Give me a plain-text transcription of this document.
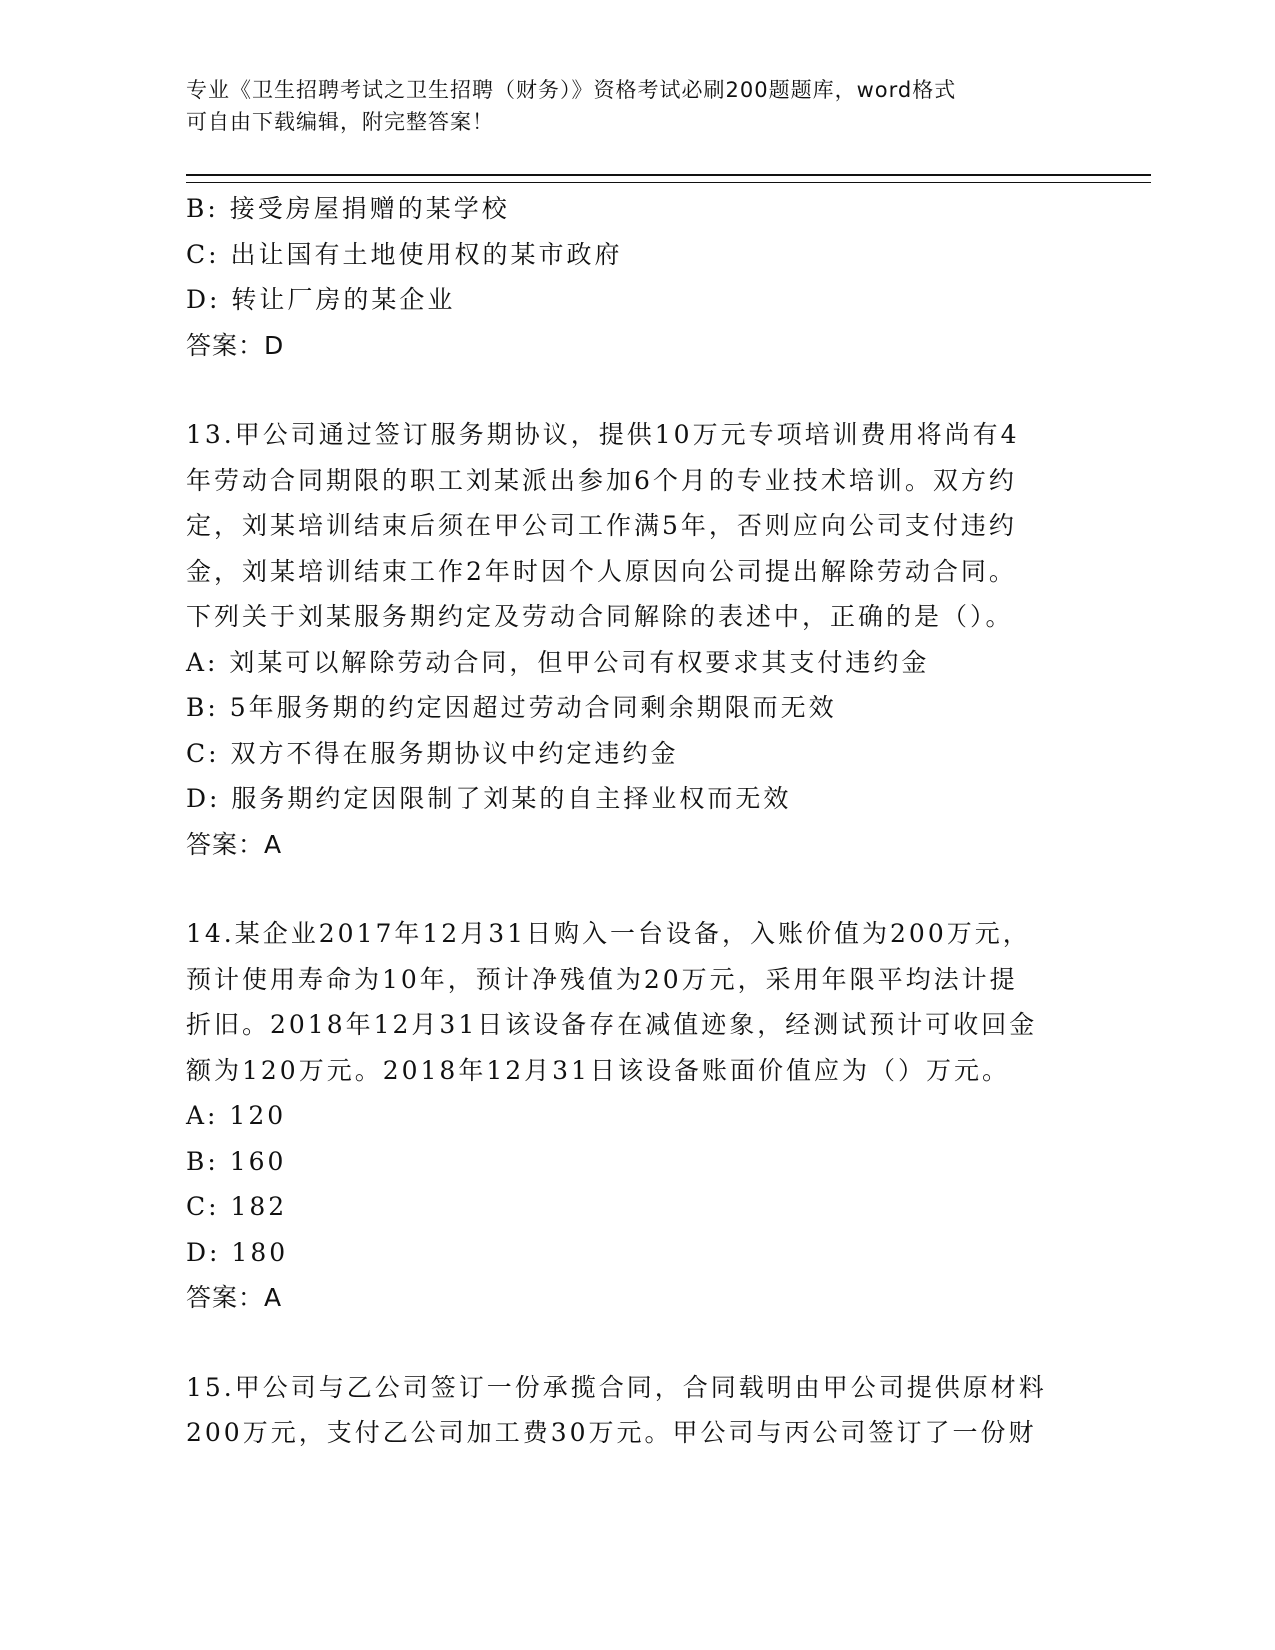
专业《卫生招聘考试之卫生招聘（财务）》资格考试必刷200题题库，word格式
可自由下载编辑，附完整答案！
B: 接受房屋捐赠的某学校
C: 出让国有土地使用权的某市政府
D: 转让厂房的某企业
答案：D
13.甲公司通过签订服务期协议，提供10万元专项培训费用将尚有4
年劳动合同期限的职工刘某派出参加6个月的专业技术培训。双方约
定，刘某培训结束后须在甲公司工作满5年，否则应向公司支付违约
金，刘某培训结束工作2年时因个人原因向公司提出解除劳动合同。
下列关于刘某服务期约定及劳动合同解除的表述中，正确的是（）。
A: 刘某可以解除劳动合同，但甲公司有权要求其支付违约金
B: 5年服务期的约定因超过劳动合同剩余期限而无效
C: 双方不得在服务期协议中约定违约金
D: 服务期约定因限制了刘某的自主择业权而无效
答案：A
14.某企业2017年12月31日购入一台设备，入账价值为200万元，
预计使用寿命为10年，预计净残值为20万元，采用年限平均法计提
折旧。2018年12月31日该设备存在减值迹象，经测试预计可收回金
额为120万元。2018年12月31日该设备账面价值应为（）万元。
A: 120
B: 160
C: 182
D: 180
答案：A
15.甲公司与乙公司签订一份承揽合同，合同载明由甲公司提供原材料
200万元，支付乙公司加工费30万元。甲公司与丙公司签订了一份财
